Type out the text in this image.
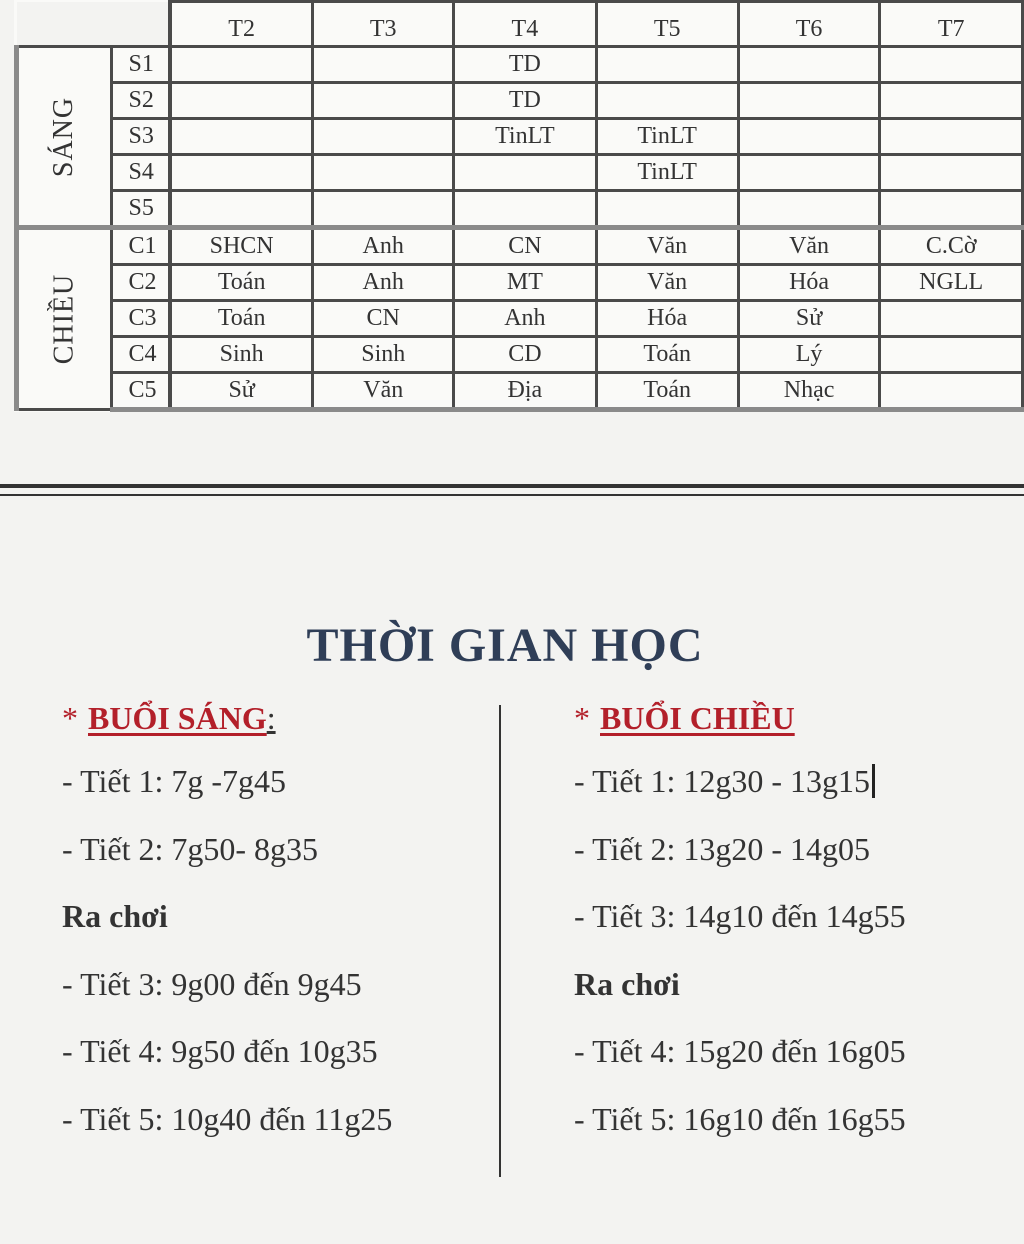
		T2	T3	T4	T5	T6	T7
SÁNG	S1			TD			
	S2			TD			
	S3			TinLT	TinLT		
	S4				TinLT		
	S5						
CHIỀU	C1	SHCN	Anh	CN	Văn	Văn	C.Cờ
	C2	Toán	Anh	MT	Văn	Hóa	NGLL
	C3	Toán	CN	Anh	Hóa	Sử	
	C4	Sinh	Sinh	CD	Toán	Lý	
	C5	Sử	Văn	Địa	Toán	Nhạc	
THỜI GIAN HỌC
* BUỔI SÁNG:
- Tiết 1: 7g -7g45
- Tiết 2: 7g50- 8g35
Ra chơi
- Tiết 3: 9g00 đến 9g45
- Tiết 4: 9g50 đến 10g35
- Tiết 5: 10g40 đến 11g25
* BUỔI CHIỀU
- Tiết 1: 12g30 - 13g15
- Tiết 2: 13g20 - 14g05
- Tiết 3: 14g10 đến 14g55
Ra chơi
- Tiết 4: 15g20 đến 16g05
- Tiết 5: 16g10 đến 16g55
